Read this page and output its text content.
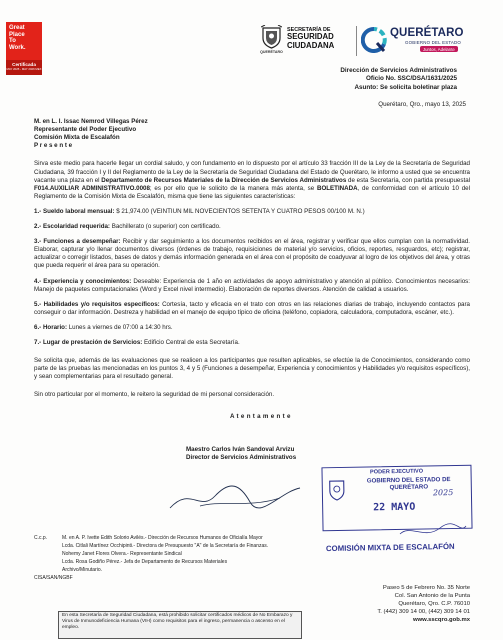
Great
Place
To
Work.
Certificada
MAY 2025 - MAY 2026 MEX
QUERÉTARO
SECRETARÍA DE
SEGURIDAD
CIUDADANA
QUERÉTARO
GOBIERNO DEL ESTADO
Juntos, Adelante
Dirección de Servicios Administrativos
Oficio No. SSC/DSA/1631/2025
Asunto: Se solicita boletinar plaza

Querétaro, Qro., mayo 13, 2025

M. en L. I. Issac Nemrod Villegas Pérez

Representante del Poder Ejecutivo

Comisión Mixta de Escalafón

P r e s e n t e

Sirva este medio para hacerle llegar un cordial saludo, y con fundamento en lo dispuesto por el artículo 33 fracción III de la Ley de la Secretaría de Seguridad Ciudadana, 39 fracción I y II del Reglamento de la Ley de la Secretaría de Seguridad Ciudadana del Estado de Querétaro, le informo a usted que se encuentra vacante una plaza en el Departamento de Recursos Materiales de la Dirección de Servicios Administrativos de esta Secretaría, con partida presupuestal F014.AUXILIAR ADMINISTRATIVO.0008; es por ello que le solicito de la manera más atenta, se BOLETINADA, de conformidad con el artículo 10 del Reglamento de la Comisión Mixta de Escalafón, misma que tiene las siguientes características:

1.- Sueldo laboral mensual: $ 21,974.00 (VEINTIUN MIL NOVECIENTOS SETENTA Y CUATRO PESOS 00/100 M. N.)

2.- Escolaridad requerida: Bachillerato (o superior) con certificado.

3.- Funciones a desempeñar: Recibir y dar seguimiento a los documentos recibidos en el área, registrar y verificar que ellos cumplan con la normatividad. Elaborar, capturar y/o llenar documentos diversos (órdenes de trabajo, requisiciones de material y/o servicios, oficios, reportes, resguardos, etc); registrar, actualizar o corregir listados, bases de datos y demás información generada en el área con el propósito de coadyuvar al logro de los objetivos del área, y otras que pueda requerir el área para su operación.

4.- Experiencia y conocimientos: Deseable: Experiencia de 1 año en actividades de apoyo administrativo y atención al público. Conocimientos necesarios: Manejo de paquetes computacionales (Word y Excel nivel intermedio). Elaboración de reportes diversos. Atención de calidad a usuarios.

5.- Habilidades y/o requisitos específicos: Cortesía, tacto y eficacia en el trato con otros en las relaciones diarias de trabajo, incluyendo contactos para conseguir o dar información. Destreza y habilidad en el manejo de equipo típico de oficina (teléfono, copiadora, calculadora, computadora, escáner, etc.).

6.- Horario: Lunes a viernes de 07:00 a 14:30 hrs.

7.- Lugar de prestación de Servicios: Edificio Central de esta Secretaría.

Se solicita que, además de las evaluaciones que se realicen a los participantes que resulten aplicables, se efectúe la de Conocimientos, considerando como parte de las pruebas las mencionadas en los puntos 3, 4 y 5 (Funciones a desempeñar, Experiencia y conocimientos y Habilidades y/o requisitos específicos), y sean complementarias para el resultado general.

Sin otro particular por el momento, le reitero la seguridad de mi personal consideración.

A t e n t a m e n t e

Maestro Carlos Iván Sandoval Arvizu

Director de Servicios Administrativos

PODER EJECUTIVO
GOBIERNO DEL ESTADO DE QUERÉTARO
2025
22 MAYO
COMISIÓN MIXTA DE ESCALAFÓN
C.c.p.	M. en A. P. Ivette Edith Solorio Avilés.- Dirección de Recursos Humanos de Oficialía Mayor
Lcda. Citlali Martínez Occhipinti.- Directora de Presupuesto "A" de la Secretaría de Finanzas.
Nohemy Janet Flores Olvera.- Representante Sindical
Lcda. Rosa Godiño Pérez.- Jefa de Departamento de Recursos Materiales
Archivo/Minutario.
CISA/SAN/NGBF
Paseo 5 de Febrero No. 35 Norte
Col. San Antonio de la Punta
Querétaro, Qro. C.P. 76010
T. (442) 309 14 00, (442) 309 14 01
www.sscqro.gob.mx
En esta Secretaría de Seguridad Ciudadana, está prohibido solicitar certificados médicos de No Embarazo y Virus de Inmunodeficiencia Humana (VIH) como requisitos para el ingreso, permanencia o ascenso en el empleo.
